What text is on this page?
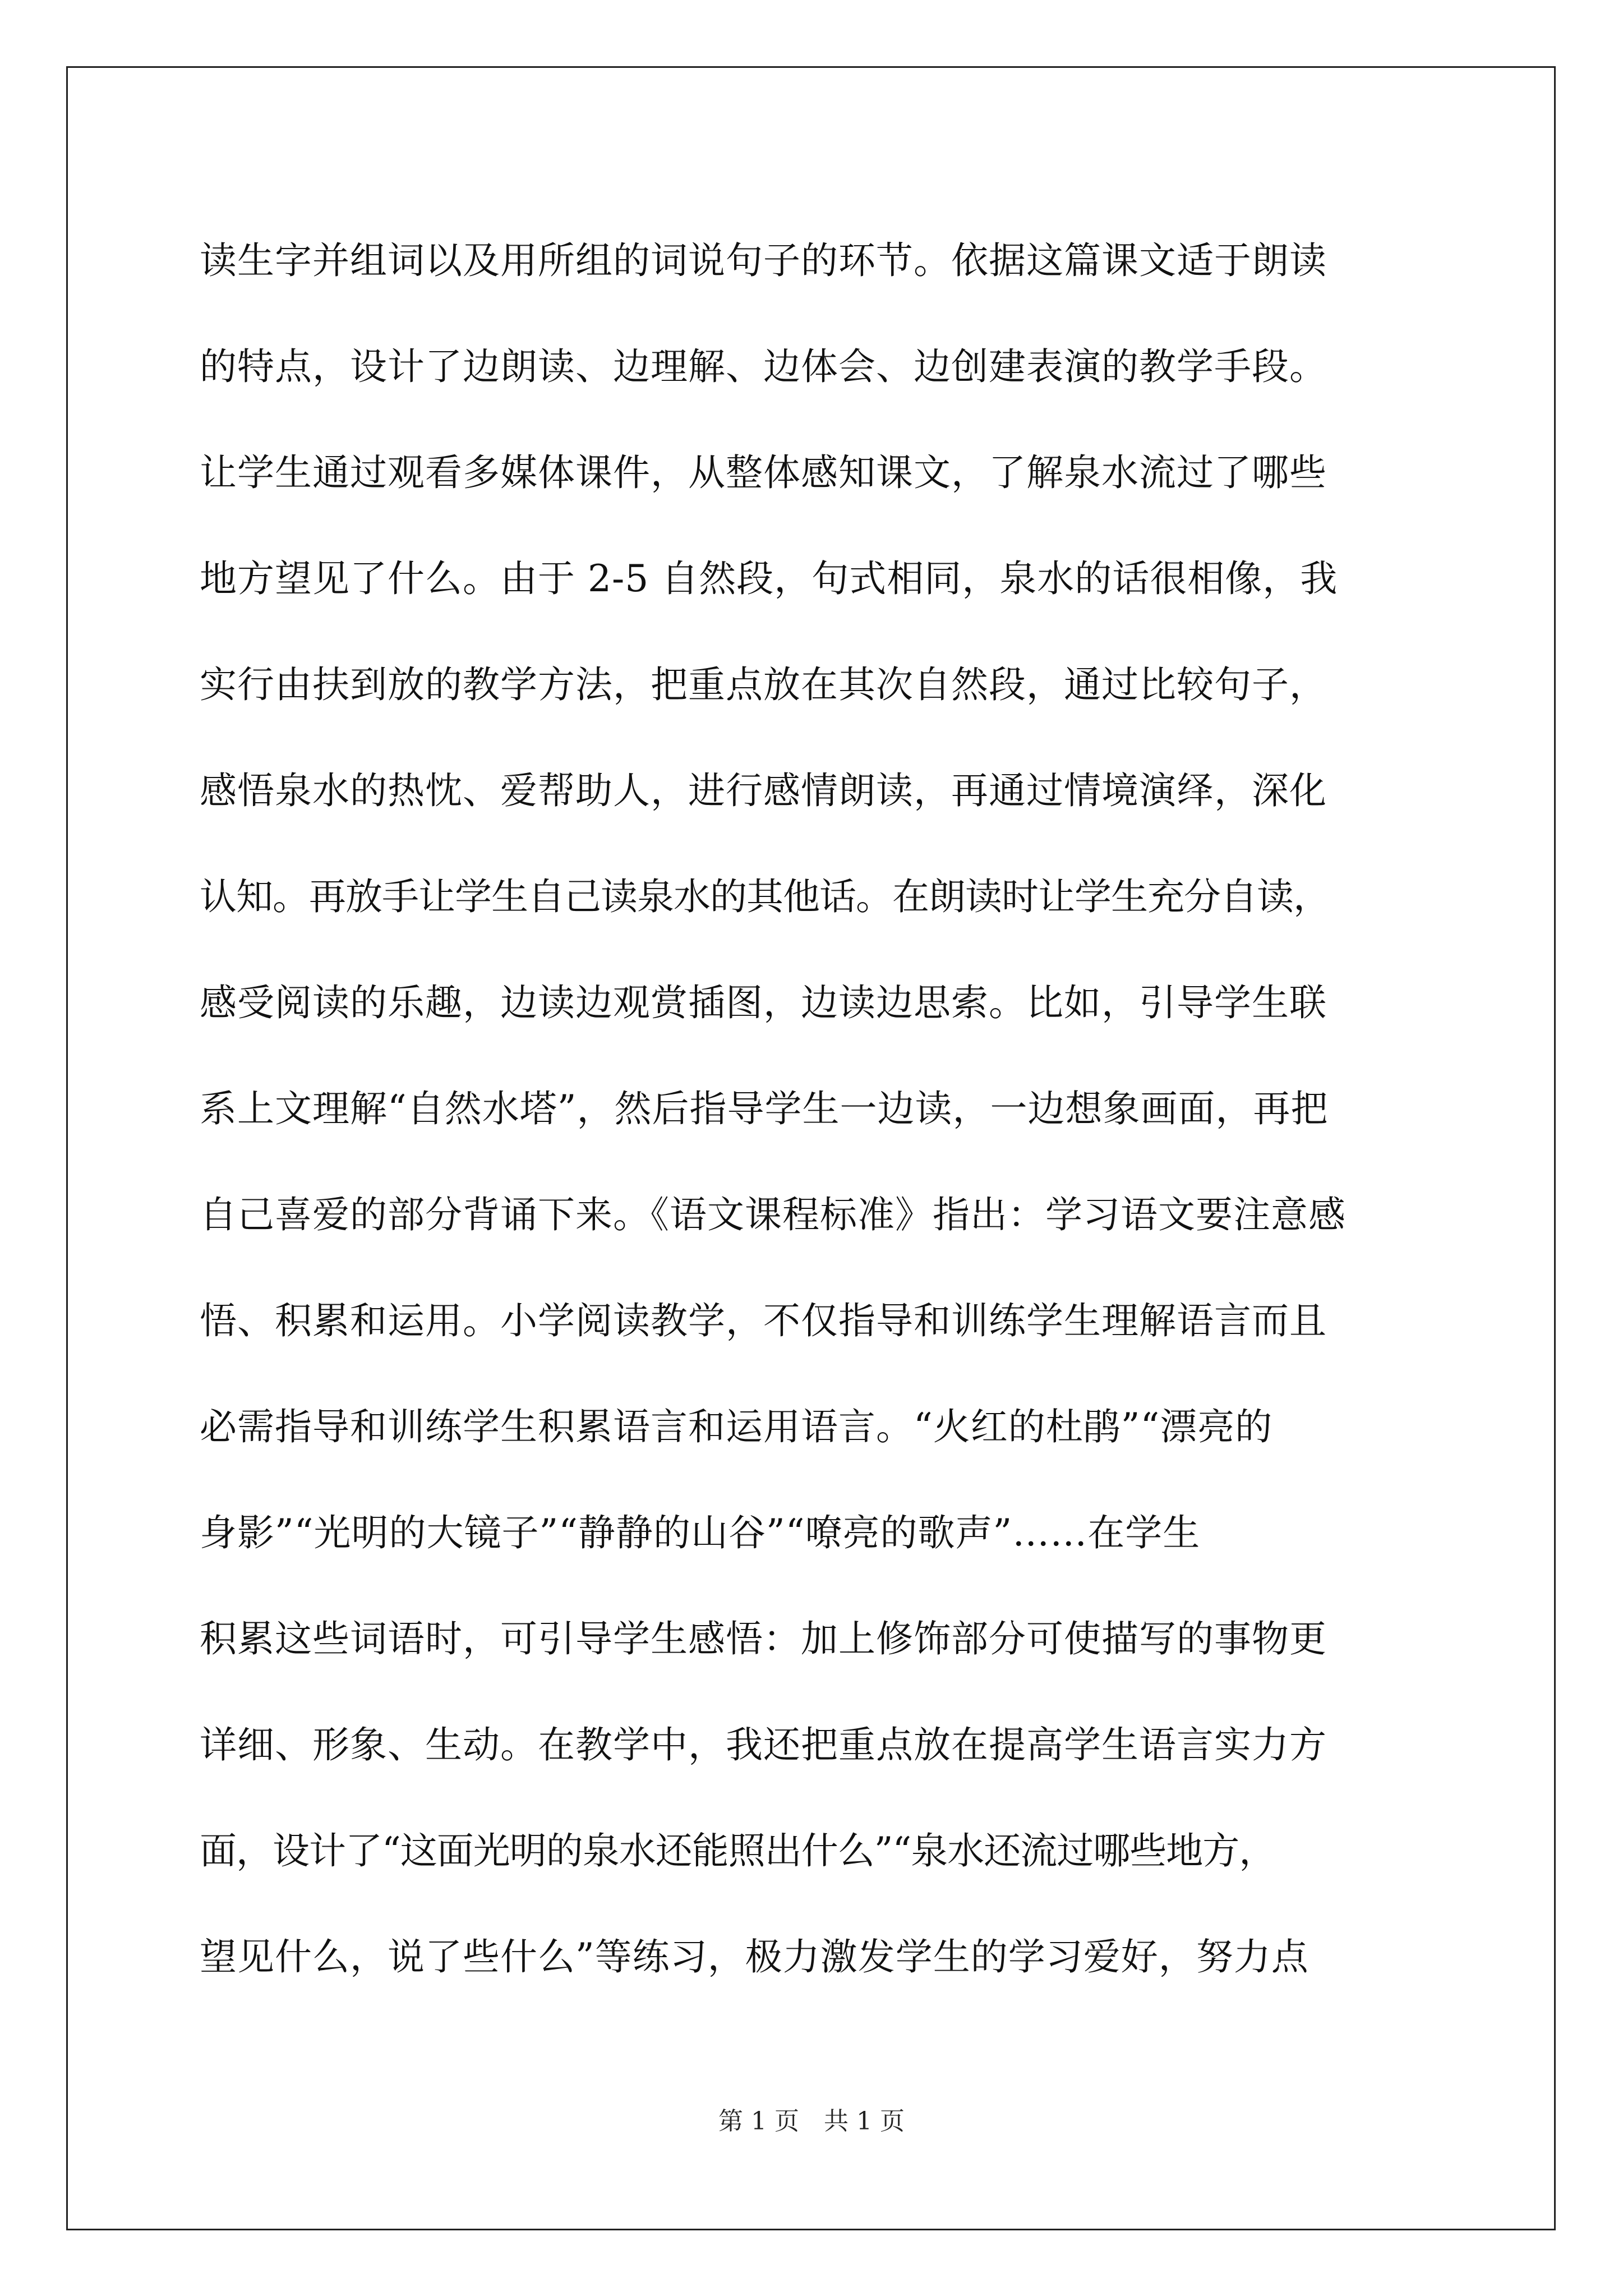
读生字并组词以及用所组的词说句子的环节。依据这篇课文适于朗读
的特点，设计了边朗读、边理解、边体会、边创建表演的教学手段。
让学生通过观看多媒体课件，从整体感知课文，了解泉水流过了哪些
地方望见了什么。由于 2-5 自然段，句式相同，泉水的话很相像，我
实行由扶到放的教学方法，把重点放在其次自然段，通过比较句子，
感悟泉水的热忱、爱帮助人，进行感情朗读，再通过情境演绎，深化
认知。再放手让学生自己读泉水的其他话。在朗读时让学生充分自读，
感受阅读的乐趣，边读边观赏插图，边读边思索。比如，引导学生联
系上文理解“自然水塔”，然后指导学生一边读，一边想象画面，再把
自己喜爱的部分背诵下来。《语文课程标准》指出：学习语文要注意感
悟、积累和运用。小学阅读教学，不仅指导和训练学生理解语言而且
必需指导和训练学生积累语言和运用语言。“火红的杜鹃”“漂亮的
身影”“光明的大镜子”“静静的山谷”“嘹亮的歌声”……在学生
积累这些词语时，可引导学生感悟：加上修饰部分可使描写的事物更
详细、形象、生动。在教学中，我还把重点放在提高学生语言实力方
面，设计了“这面光明的泉水还能照出什么”“泉水还流过哪些地方，
望见什么，说了些什么”等练习，极力激发学生的学习爱好，努力点
第 1 页　共 1 页
